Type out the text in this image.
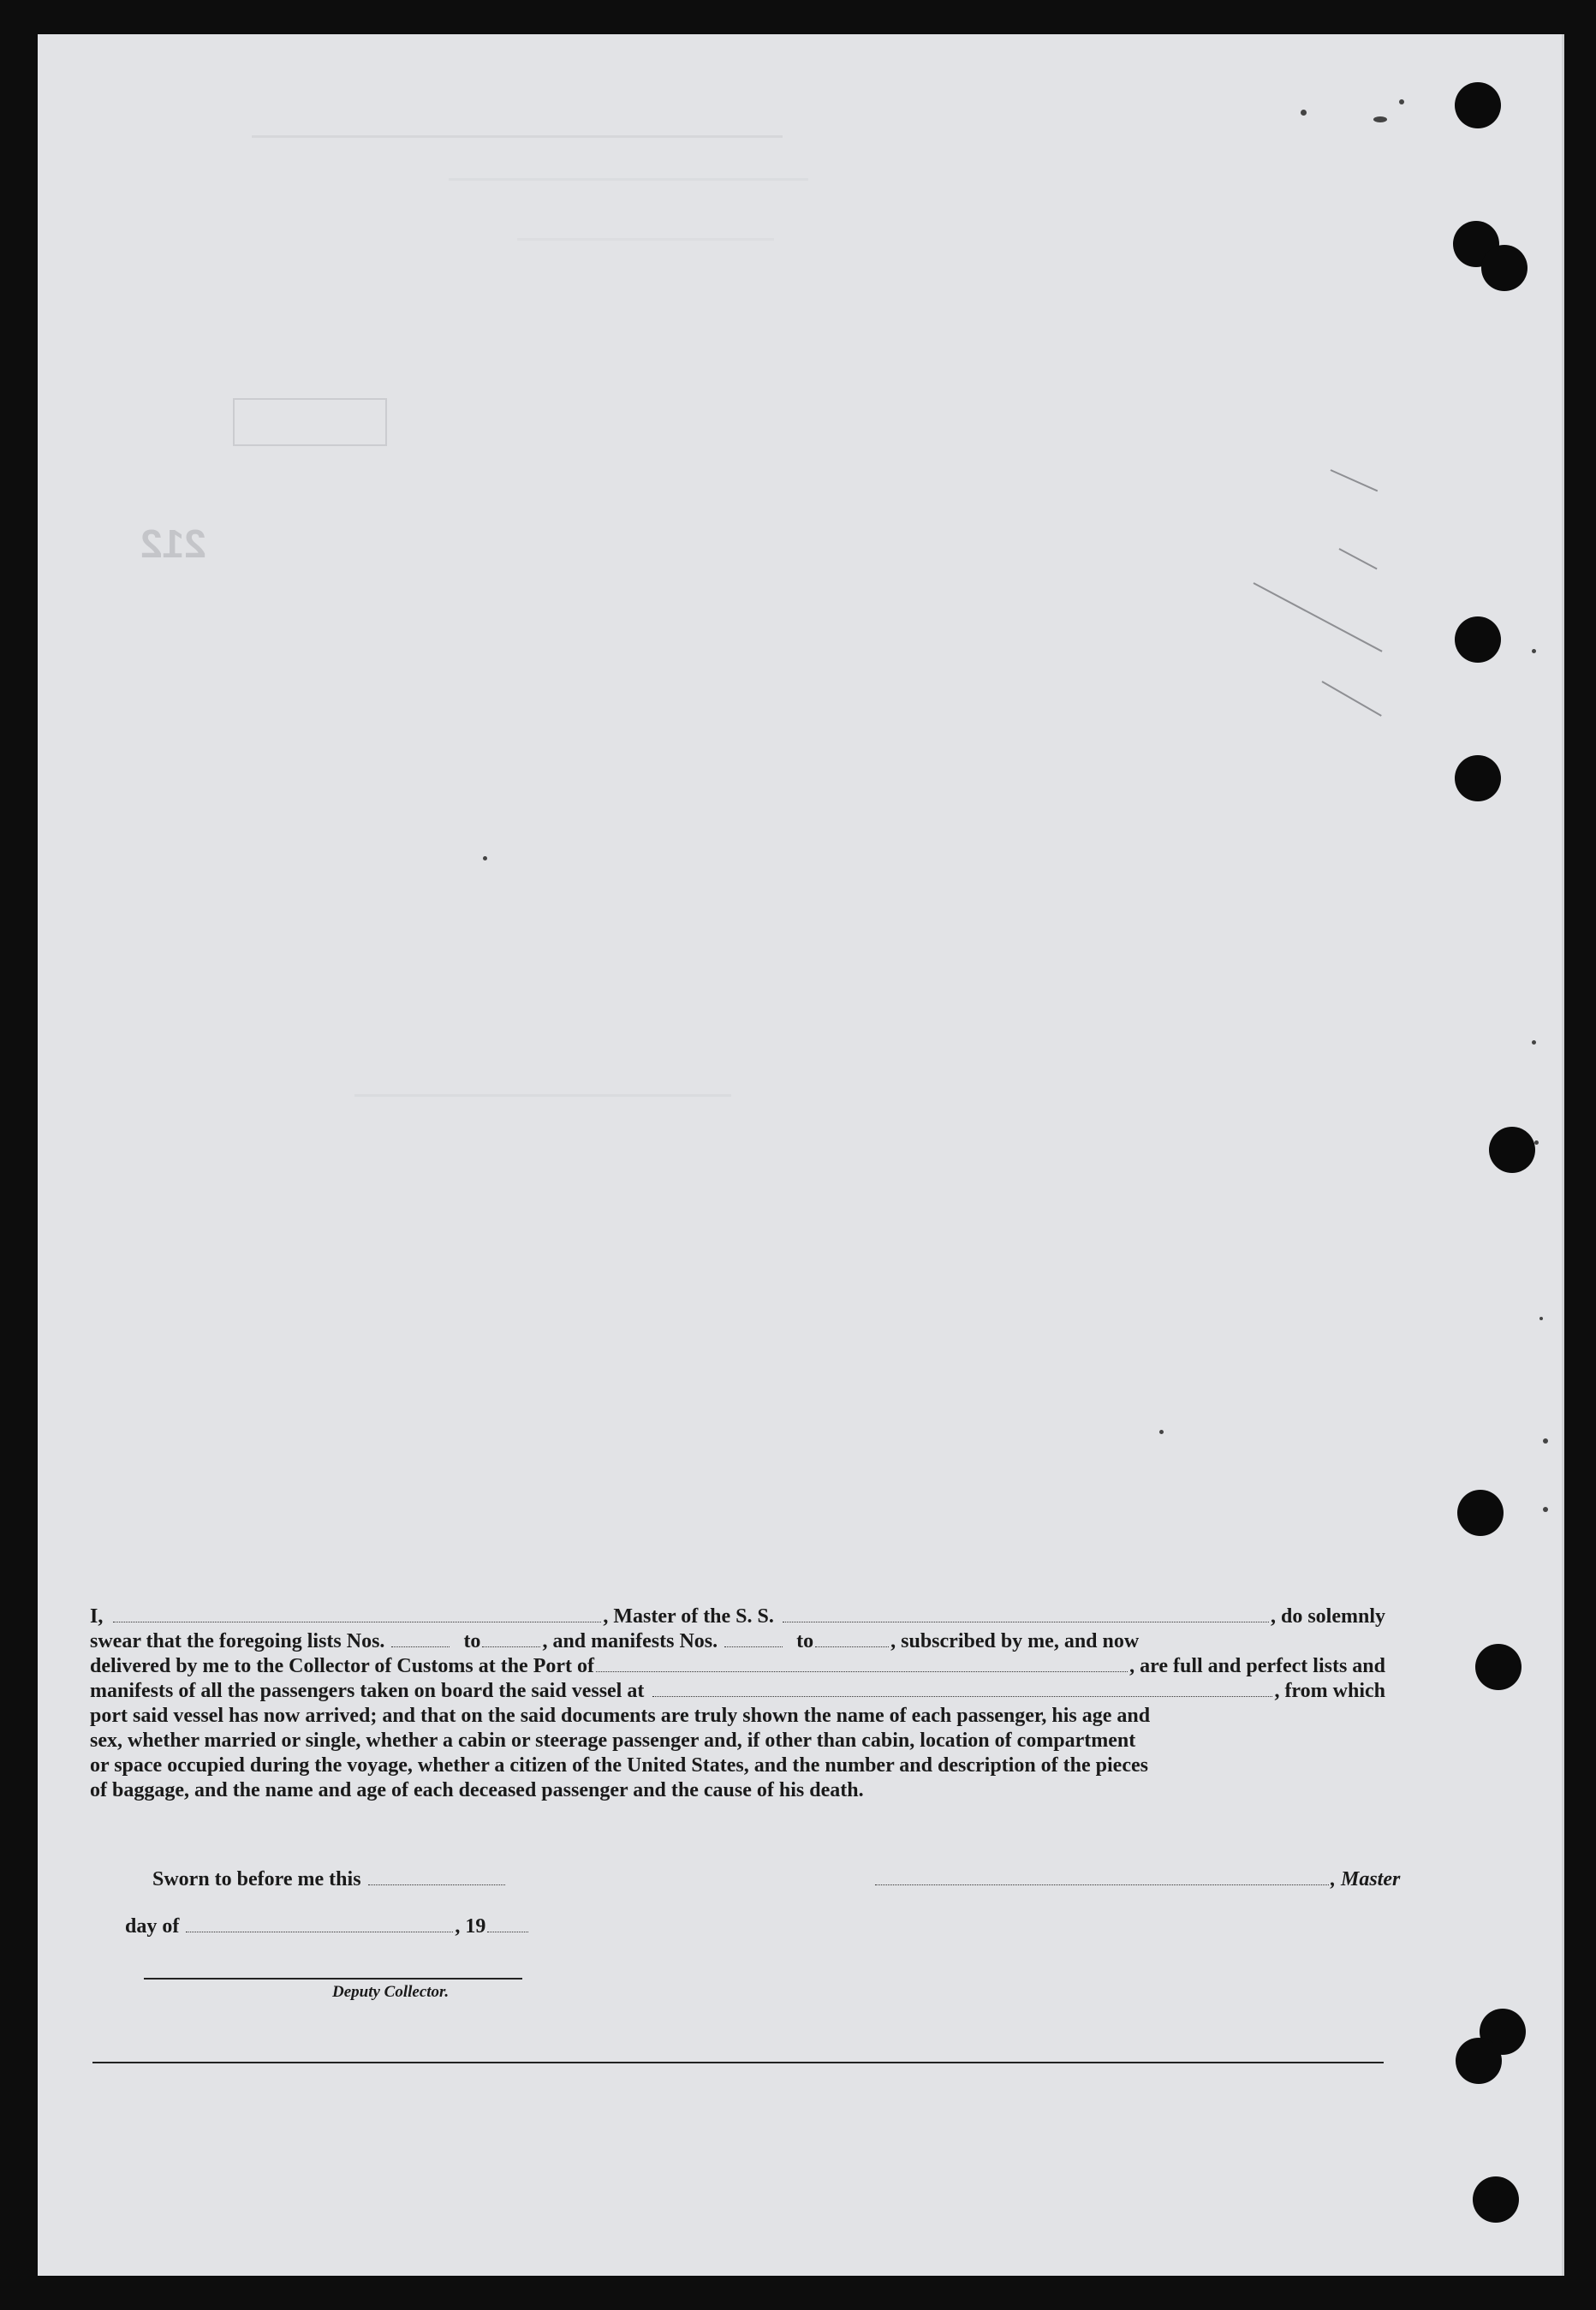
212
I,	, Master of the S. S.	, do solemnly
swear that the foregoing lists Nos.	to	, and manifests Nos.	to	, subscribed by me, and now
delivered by me to the Collector of Customs at the Port of	, are full and perfect lists and
manifests of all the passengers taken on board the said vessel at	, from which
port said vessel has now arrived; and that on the said documents are truly shown the name of each passenger, his age and
sex, whether married or single, whether a cabin or steerage passenger and, if other than cabin, location of compartment
or space occupied during the voyage, whether a citizen of the United States, and the number and description of the pieces
of baggage, and the name and age of each deceased passenger and the cause of his death.
Sworn to before me this	, Master
day of	, 19
Deputy Collector.
